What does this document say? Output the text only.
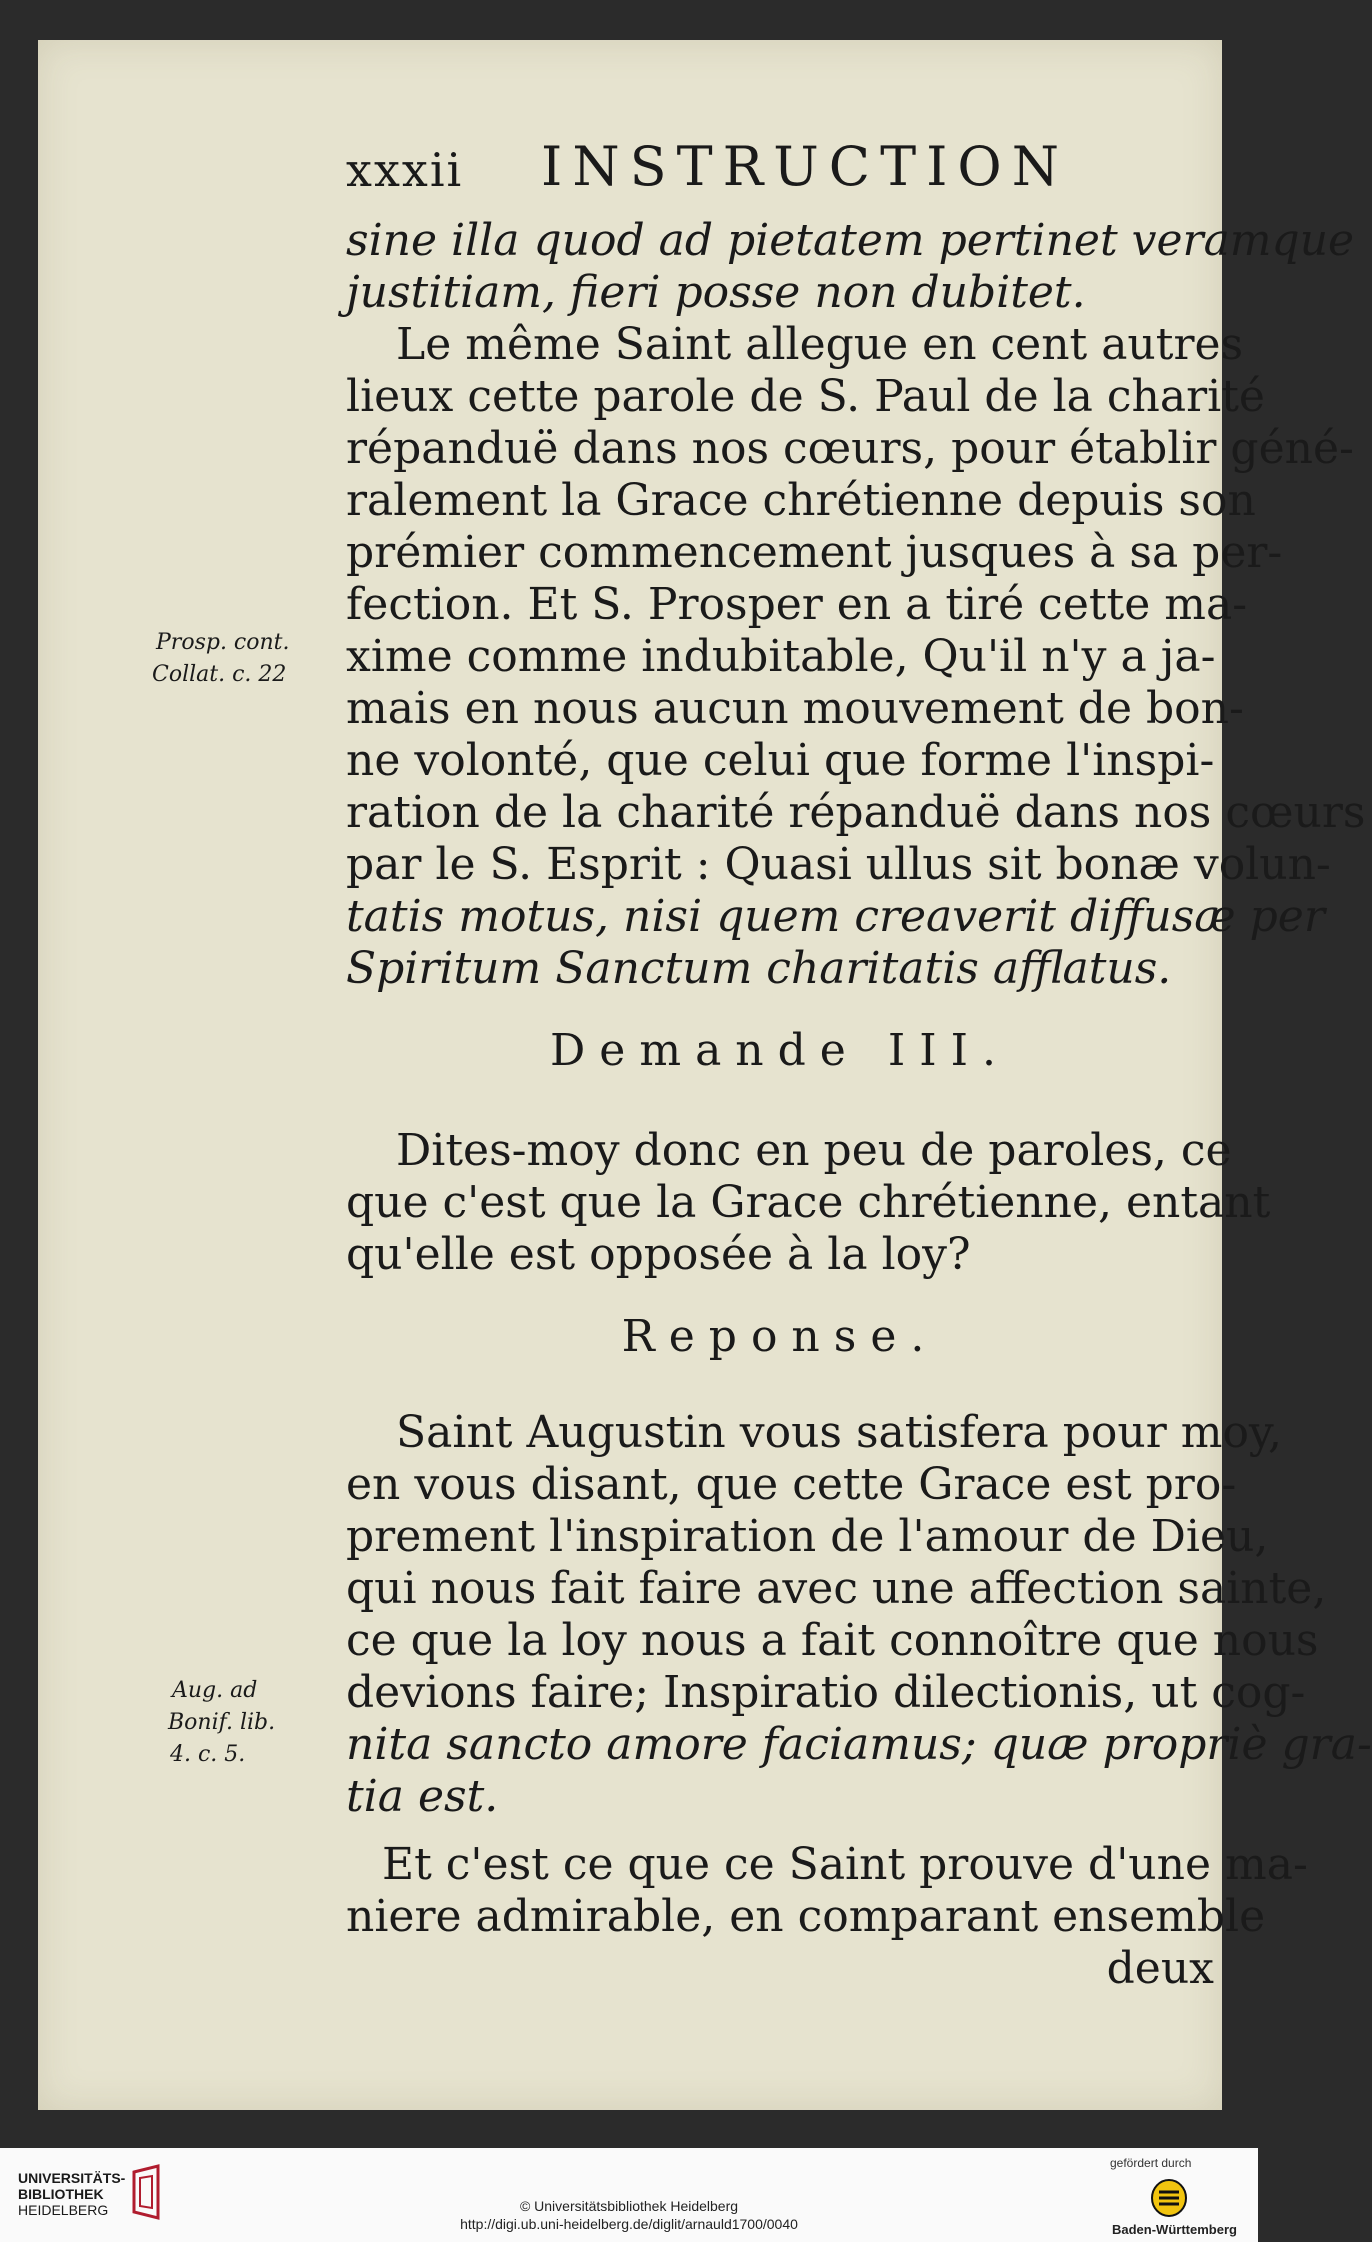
xxxii INSTRUCTION
sine illa quod ad pietatem pertinet veramque
justitiam, fieri posse non dubitet.
Le même Saint allegue en cent autres
lieux cette parole de S. Paul de la charité
répanduë dans nos cœurs, pour établir géné-
ralement la Grace chrétienne depuis son
prémier commencement jusques à sa per-
fection. Et S. Prosper en a tiré cette ma-
xime comme indubitable, Qu'il n'y a ja-
mais en nous aucun mouvement de bon-
ne volonté, que celui que forme l'inspi-
ration de la charité répanduë dans nos cœurs
par le S. Esprit : Quasi ullus sit bonæ volun-
tatis motus, nisi quem creaverit diffusæ per
Spiritum Sanctum charitatis afflatus.
Demande III.
Dites-moy donc en peu de paroles, ce
que c'est que la Grace chrétienne, entant
qu'elle est opposée à la loy?
Reponse.
Saint Augustin vous satisfera pour moy,
en vous disant, que cette Grace est pro-
prement l'inspiration de l'amour de Dieu,
qui nous fait faire avec une affection sainte,
ce que la loy nous a fait connoître que nous
devions faire; Inspiratio dilectionis, ut cog-
nita sancto amore faciamus; quæ propriè gra-
tia est.
Et c'est ce que ce Saint prouve d'une ma-
niere admirable, en comparant ensemble
deux
Prosp. cont.
Collat. c. 22
Aug. ad
Bonif. lib.
4. c. 5.
UNIVERSITÄTS-
BIBLIOTHEK
HEIDELBERG	© Universitätsbibliothek Heidelberg
http://digi.ub.uni-heidelberg.de/diglit/arnauld1700/0040
gefördert durch
Baden-Württemberg
